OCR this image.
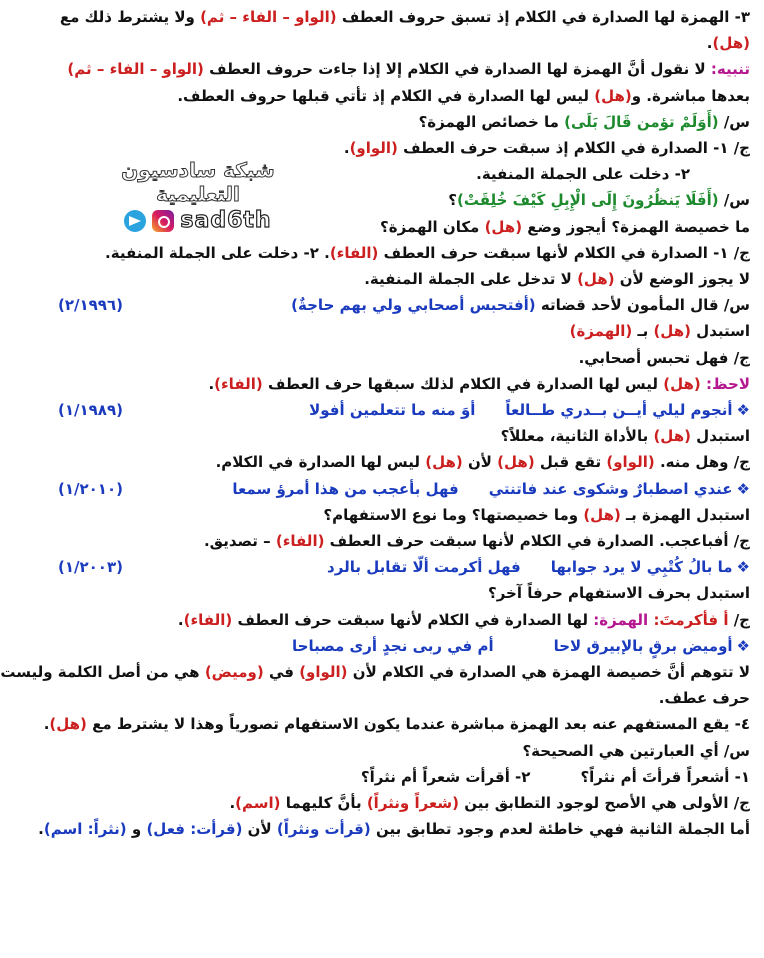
٣- الهمزة لها الصدارة في الكلام إذ تسبق حروف العطف (الواو – الفاء – ثم) ولا يشترط ذلك مع
(هل).
تنبيه: لا نقول أنَّ الهمزة لها الصدارة في الكلام إلا إذا جاءت حروف العطف (الواو – الفاء – ثم)
بعدها مباشرة. و(هل) ليس لها الصدارة في الكلام إذ تأتي قبلها حروف العطف.
س/ (أَوَلَمْ تؤمن قَالَ بَلَى) ما خصائص الهمزة؟
ج/ ١- الصدارة في الكلام إذ سبقت حرف العطف (الواو).
٢- دخلت على الجملة المنفية.
س/ (أَفَلَا يَنظُرُونَ إِلَى الْإِبِلِ كَيْفَ خُلِقَتْ)؟
ما خصيصة الهمزة؟ أيجوز وضع (هل) مكان الهمزة؟
ج/ ١- الصدارة في الكلام لأنها سبقت حرف العطف (الفاء). ٢- دخلت على الجملة المنفية.
لا يجوز الوضع لأن (هل) لا تدخل على الجملة المنفية.
س/ قال المأمون لأحد قضاته (أفتحبس أصحابي ولي بهم حاجةٌ)
(٢/١٩٩٦)
استبدل (هل) بـ (الهمزة)
ج/ فهل تحبس أصحابي.
لاحظ: (هل) ليس لها الصدارة في الكلام لذلك سبقها حرف العطف (الفاء).
❖أنجوم ليلي أيــن بــدري طــالعاًأوَ منه ما تتعلمين أفولا
(١/١٩٨٩)
استبدل (هل) بالأداة الثانية، معللاً؟
ج/ وهل منه. (الواو) تقع قبل (هل) لأن (هل) ليس لها الصدارة في الكلام.
❖عندي اصطبارٌ وشكوى عند فاتنتيفهل بأعجب من هذا أمرؤ سمعا
(١/٢٠١٠)
استبدل الهمزة بـ (هل) وما خصيصتها؟ وما نوع الاستفهام؟
ج/ أفباعجب. الصدارة في الكلام لأنها سبقت حرف العطف (الفاء) – تصديق.
❖ما بالُ كُتْبِي لا يرد جوابهافهل أكرمت ألّا تقابل بالرد
(١/٢٠٠٣)
استبدل بحرف الاستفهام حرفاً آخر؟
ج/ أ فأكرمتَ: الهمزة: لها الصدارة في الكلام لأنها سبقت حرف العطف (الفاء).
❖أوميض برقٍ بالإبيرق لاحاأم في ربى نجدٍ أرى مصباحا
لا تتوهم أنَّ خصيصة الهمزة هي الصدارة في الكلام لأن (الواو) في (وميض) هي من أصل الكلمة وليست
حرف عطف.
٤- يقع المستفهم عنه بعد الهمزة مباشرة عندما يكون الاستفهام تصورياً وهذا لا يشترط مع (هل).
س/ أي العبارتين هي الصحيحة؟
١- أشعراً قرأتَ أم نثراً؟٢- أقرأت شعراً أم نثراً؟
ج/ الأولى هي الأصح لوجود التطابق بين (شعراً ونثراً) بأنَّ كليهما (اسم).
أما الجملة الثانية فهي خاطئة لعدم وجود تطابق بين (قرأت ونثراً) لأن (قرأت: فعل) و (نثراً: اسم).
شبكة سادسيون التعليمية
sad6th
